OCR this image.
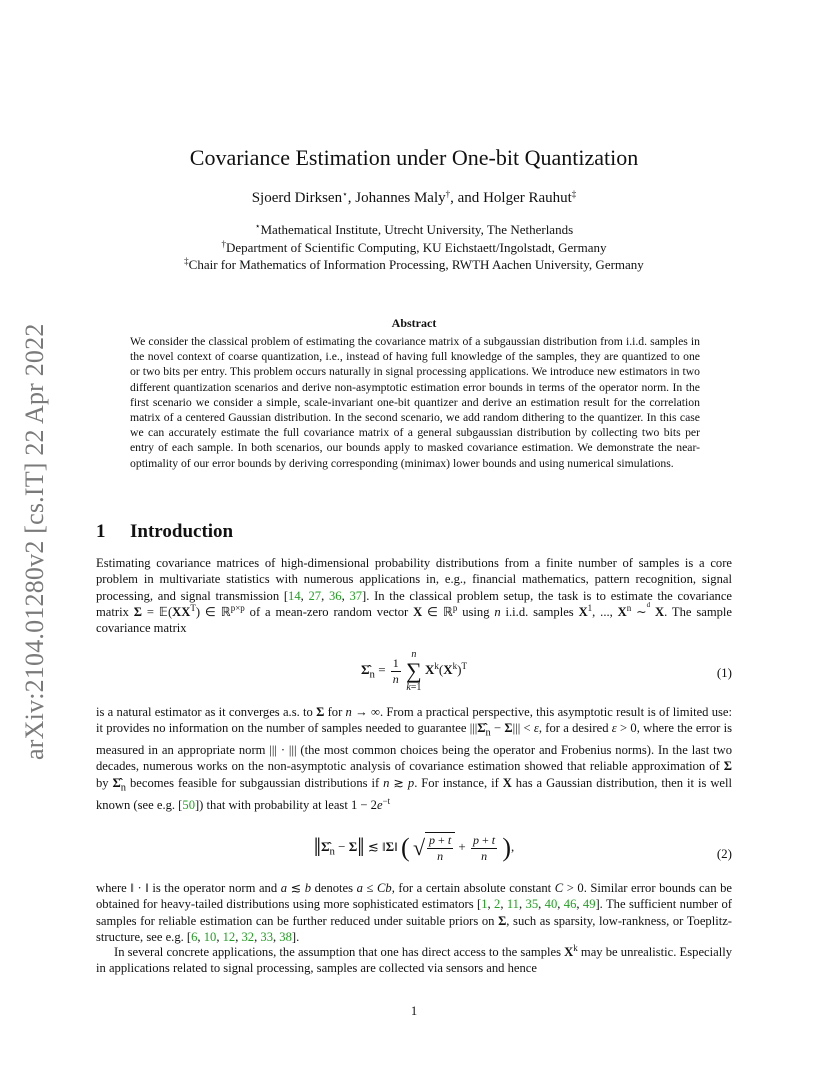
arXiv:2104.01280v2 [cs.IT] 22 Apr 2022
Covariance Estimation under One-bit Quantization
Sjoerd Dirksen⋆, Johannes Maly†, and Holger Rauhut‡
⋆Mathematical Institute, Utrecht University, The Netherlands
†Department of Scientific Computing, KU Eichstaett/Ingolstadt, Germany
‡Chair for Mathematics of Information Processing, RWTH Aachen University, Germany
Abstract
We consider the classical problem of estimating the covariance matrix of a subgaussian distribution from i.i.d. samples in the novel context of coarse quantization, i.e., instead of having full knowledge of the samples, they are quantized to one or two bits per entry. This problem occurs naturally in signal processing applications. We introduce new estimators in two different quantization scenarios and derive non-asymptotic estimation error bounds in terms of the operator norm. In the first scenario we consider a simple, scale-invariant one-bit quantizer and derive an estimation result for the correlation matrix of a centered Gaussian distribution. In the second scenario, we add random dithering to the quantizer. In this case we can accurately estimate the full covariance matrix of a general subgaussian distribution by collecting two bits per entry of each sample. In both scenarios, our bounds apply to masked covariance estimation. We demonstrate the near-optimality of our error bounds by deriving corresponding (minimax) lower bounds and using numerical simulations.
1 Introduction
Estimating covariance matrices of high-dimensional probability distributions from a finite number of samples is a core problem in multivariate statistics with numerous applications in, e.g., financial mathematics, pattern recognition, signal processing, and signal transmission [14, 27, 36, 37]. In the classical problem setup, the task is to estimate the covariance matrix $\Sigma = 𝔼(XX^T)$ ∈ ℝ$^{p\times p}$ of a mean-zero random vector X ∈ ℝ$^p$ using n i.i.d. samples $X^1$, ..., $X^n$ ∼$^d$ X. The sample covariance matrix
$\Sigmâ_n = \frac{1}{n}$
n
∑
k=1 $X^k(X^k)^T$	(1)
is a natural estimator as it converges a.s. to Σ for n → ∞. From a practical perspective, this asymptotic result is of limited use: it provides no information on the number of samples needed to guarantee $|||\Sigmâ_n - \Sigma||| < \varepsilon$, for a desired ε > 0, where the error is measured in an appropriate norm ||| · ||| (the most common choices being the operator and Frobenius norms). In the last two decades, numerous works on the non-asymptotic analysis of covariance estimation showed that reliable approximation of Σ by $\Sigmâ_n$ becomes feasible for subgaussian distributions if n ≳ p. For instance, if X has a Gaussian distribution, then it is well known (see e.g. [50]) that with probability at least $1 - 2e^{-t}$
$‖\Sigmâ_n$ − Σ‖ ≲ ‖Σ‖ ( √ $\frac{p + t}{n} + \frac{p + t}{n}$ ),	(2)
where ‖ · ‖ is the operator norm and a ≲ b denotes a ≤ Cb, for a certain absolute constant C > 0. Similar error bounds can be obtained for heavy-tailed distributions using more sophisticated estimators [1, 2, 11, 35, 40, 46, 49]. The sufficient number of samples for reliable estimation can be further reduced under suitable priors on Σ, such as sparsity, low-rankness, or Toeplitz-structure, see e.g. [6, 10, 12, 32, 33, 38].
In several concrete applications, the assumption that one has direct access to the samples $X^k$ may be unrealistic. Especially in applications related to signal processing, samples are collected via sensors and hence
1
